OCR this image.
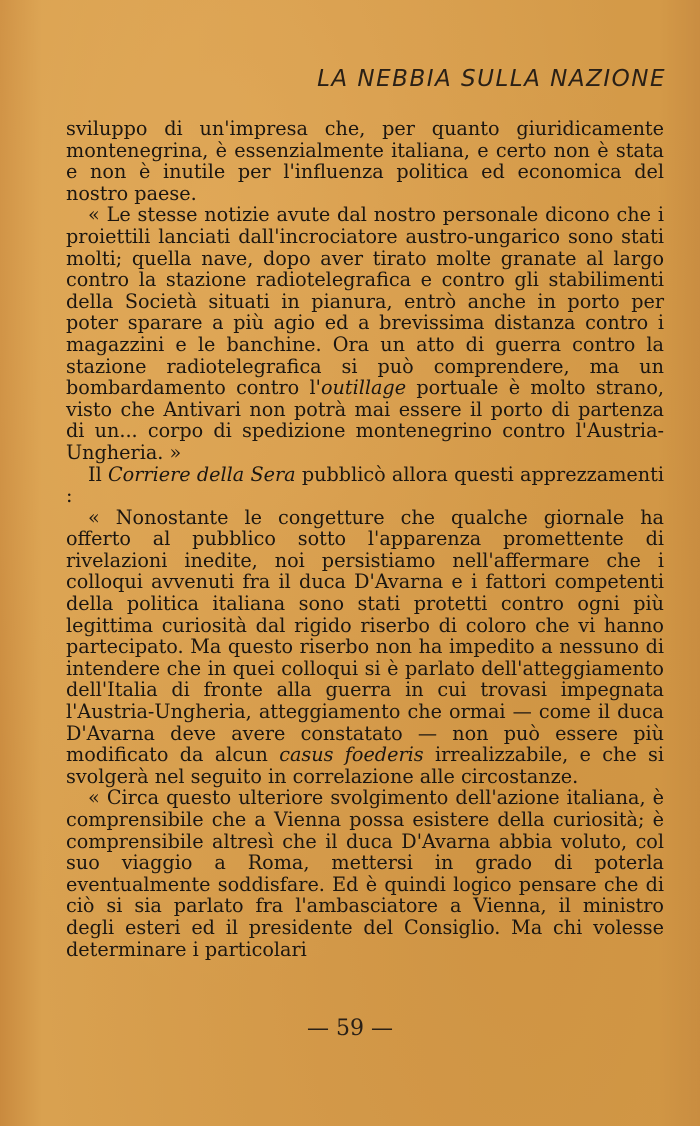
LA NEBBIA SULLA NAZIONE

sviluppo di un'impresa che, per quanto giuridicamente montenegrina, è essenzialmente italiana, e certo non è stata e non è inutile per l'influenza politica ed economica del nostro paese.

« Le stesse notizie avute dal nostro personale dicono che i proiettili lanciati dall'incrociatore austro-ungarico sono stati molti; quella nave, dopo aver tirato molte granate al largo contro la stazione radiotelegrafica e contro gli stabilimenti della Società situati in pianura, entrò anche in porto per poter sparare a più agio ed a brevissima distanza contro i magazzini e le banchine. Ora un atto di guerra contro la stazione radiotelegrafica si può comprendere, ma un bombardamento contro l'outillage portuale è molto strano, visto che Antivari non potrà mai essere il porto di partenza di un... corpo di spedizione montenegrino contro l'Austria-Ungheria. »

Il Corriere della Sera pubblicò allora questi apprezzamenti :

« Nonostante le congetture che qualche giornale ha offerto al pubblico sotto l'apparenza promettente di rivelazioni inedite, noi persistiamo nell'affermare che i colloqui avvenuti fra il duca D'Avarna e i fattori competenti della politica italiana sono stati protetti contro ogni più legittima curiosità dal rigido riserbo di coloro che vi hanno partecipato. Ma questo riserbo non ha impedito a nessuno di intendere che in quei colloqui si è parlato dell'atteggiamento dell'Italia di fronte alla guerra in cui trovasi impegnata l'Austria-Ungheria, atteggiamento che ormai — come il duca D'Avarna deve avere constatato — non può essere più modificato da alcun casus foederis irrealizzabile, e che si svolgerà nel seguito in correlazione alle circostanze.

« Circa questo ulteriore svolgimento dell'azione italiana, è comprensibile che a Vienna possa esistere della curiosità; è comprensibile altresì che il duca D'Avarna abbia voluto, col suo viaggio a Roma, mettersi in grado di poterla eventualmente soddisfare. Ed è quindi logico pensare che di ciò si sia parlato fra l'ambasciatore a Vienna, il ministro degli esteri ed il presidente del Consiglio. Ma chi volesse determinare i particolari

— 59 —
